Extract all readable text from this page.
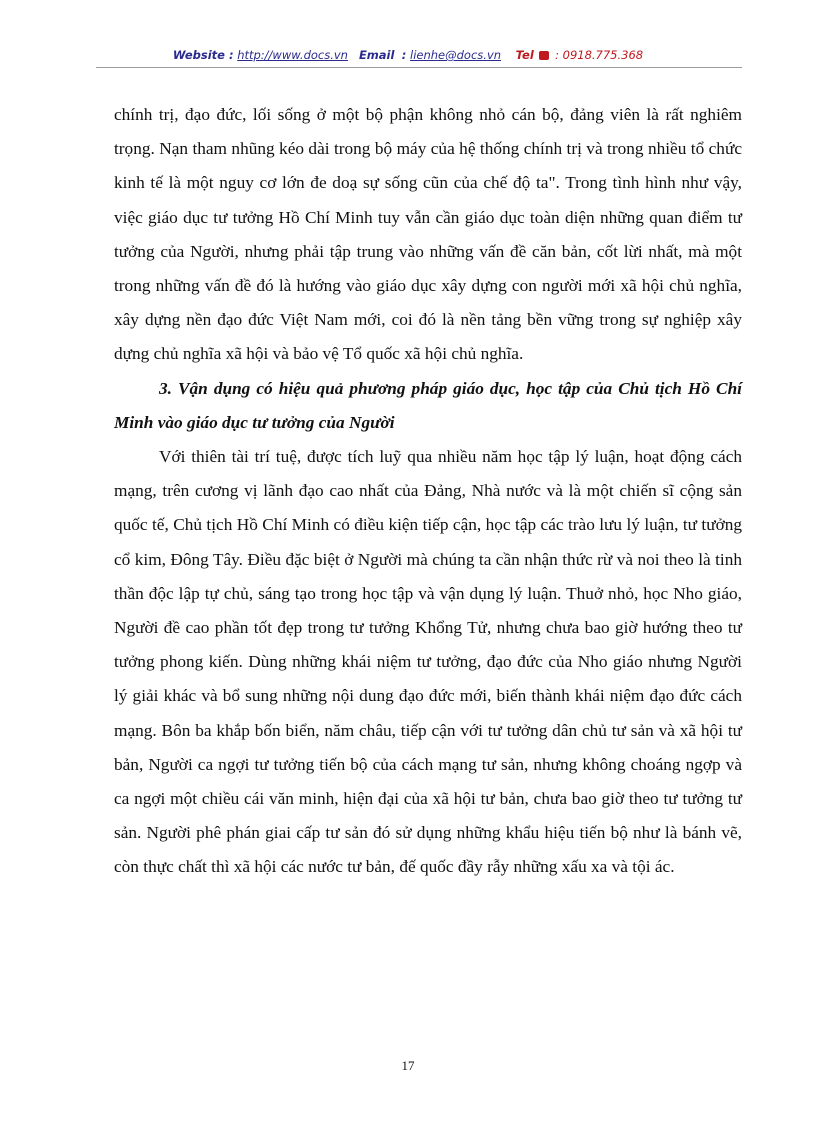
Website : http://www.docs.vn Email : lienhe@docs.vn Tel : 0918.775.368

chính trị, đạo đức, lối sống ở một bộ phận không nhỏ cán bộ, đảng viên là rất nghiêm trọng. Nạn tham nhũng kéo dài trong bộ máy của hệ thống chính trị và trong nhiều tổ chức kinh tế là một nguy cơ lớn đe doạ sự sống cũn của chế độ ta". Trong tình hình như vậy, việc giáo dục tư tưởng Hồ Chí Minh tuy vẫn cần giáo dục toàn diện những quan điểm tư tưởng của Người, nhưng phải tập trung vào những vấn đề căn bản, cốt lừi nhất, mà một trong những vấn đề đó là hướng vào giáo dục xây dựng con người mới xã hội chủ nghĩa, xây dựng nền đạo đức Việt Nam mới, coi đó là nền tảng bền vững trong sự nghiệp xây dựng chủ nghĩa xã hội và bảo vệ Tổ quốc xã hội chủ nghĩa.

3. Vận dụng có hiệu quả phương pháp giáo dục, học tập của Chủ tịch Hồ Chí Minh vào giáo dục tư tưởng của Người

Với thiên tài trí tuệ, được tích luỹ qua nhiều năm học tập lý luận, hoạt động cách mạng, trên cương vị lãnh đạo cao nhất của Đảng, Nhà nước và là một chiến sĩ cộng sản quốc tế, Chủ tịch Hồ Chí Minh có điều kiện tiếp cận, học tập các trào lưu lý luận, tư tưởng cổ kim, Đông Tây. Điều đặc biệt ở Người mà chúng ta cần nhận thức rừ và noi theo là tinh thần độc lập tự chủ, sáng tạo trong học tập và vận dụng lý luận. Thuở nhỏ, học Nho giáo, Người đề cao phần tốt đẹp trong tư tưởng Khổng Tử, nhưng chưa bao giờ hướng theo tư tưởng phong kiến. Dùng những khái niệm tư tưởng, đạo đức của Nho giáo nhưng Người lý giải khác và bổ sung những nội dung đạo đức mới, biến thành khái niệm đạo đức cách mạng. Bôn ba khắp bốn biển, năm châu, tiếp cận với tư tưởng dân chủ tư sản và xã hội tư bản, Người ca ngợi tư tưởng tiến bộ của cách mạng tư sản, nhưng không choáng ngợp và ca ngợi một chiều cái văn minh, hiện đại của xã hội tư bản, chưa bao giờ theo tư tưởng tư sản. Người phê phán giai cấp tư sản đó sử dụng những khẩu hiệu tiến bộ như là bánh vẽ, còn thực chất thì xã hội các nước tư bản, đế quốc đầy rẫy những xấu xa và tội ác.

17
